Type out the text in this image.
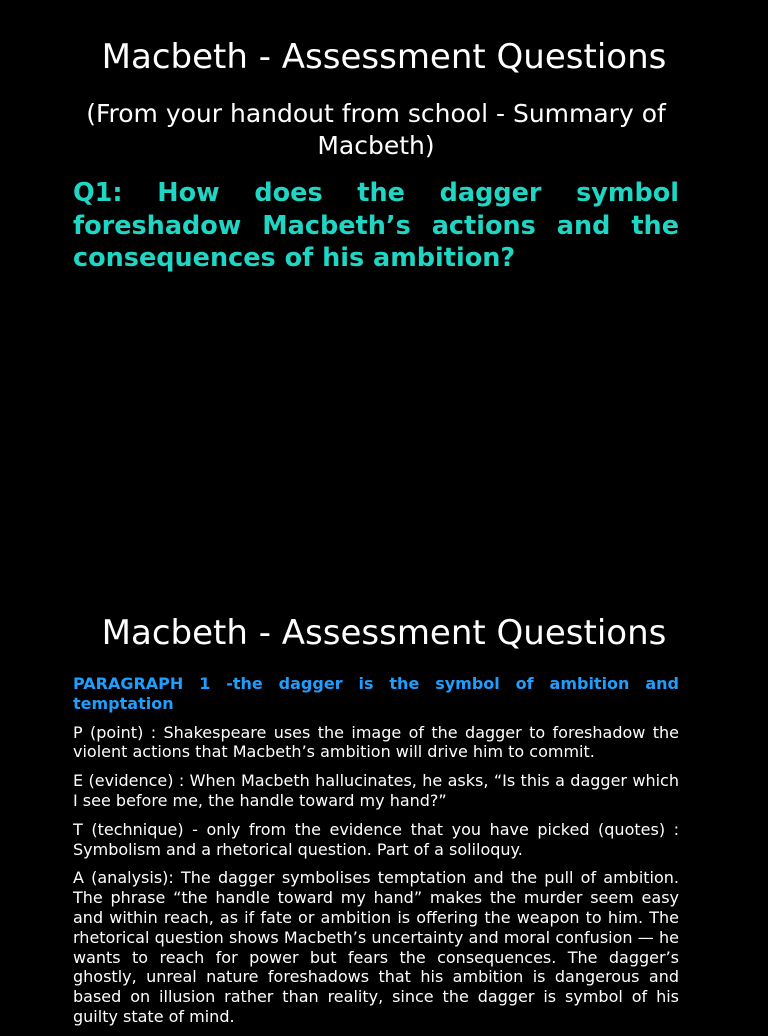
Macbeth - Assessment Questions
(From your handout from school - Summary of Macbeth)
Q1: How does the dagger symbol foreshadow Macbeth’s actions and the consequences of his ambition?
Macbeth - Assessment Questions

PARAGRAPH 1 -the dagger is the symbol of ambition and temptation

P (point) : Shakespeare uses the image of the dagger to foreshadow the violent actions that Macbeth’s ambition will drive him to commit.

E (evidence) : When Macbeth hallucinates, he asks, “Is this a dagger which I see before me, the handle toward my hand?”

T (technique) - only from the evidence that you have picked (quotes) : Symbolism and a rhetorical question. Part of a soliloquy.

A (analysis): The dagger symbolises temptation and the pull of ambition. The phrase “the handle toward my hand” makes the murder seem easy and within reach, as if fate or ambition is offering the weapon to him. The rhetorical question shows Macbeth’s uncertainty and moral confusion — he wants to reach for power but fears the consequences. The dagger’s ghostly, unreal nature foreshadows that his ambition is dangerous and based on illusion rather than reality, since the dagger is symbol of his guilty state of mind.
